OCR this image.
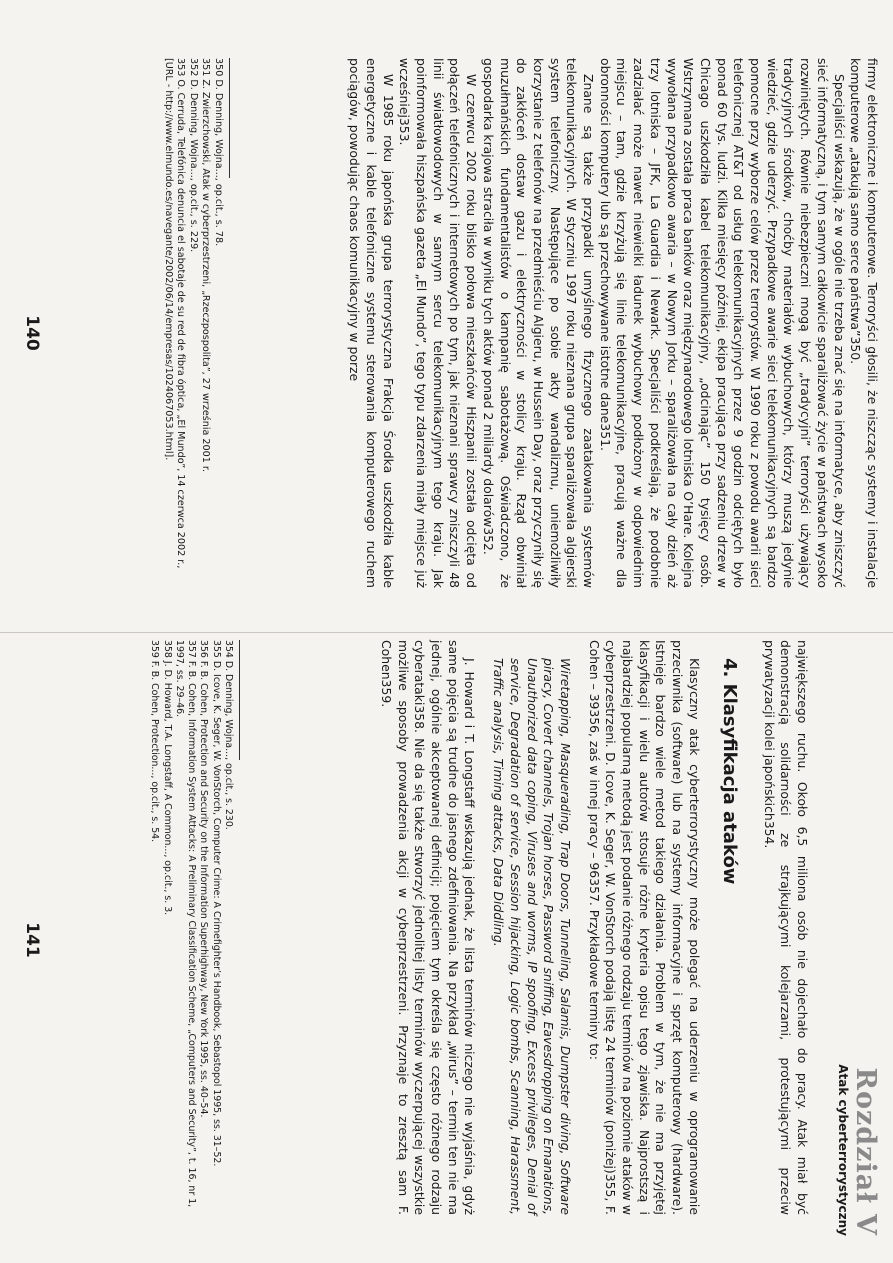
firmy elektroniczne i komputerowe. Terroryści głosili, że niszcząc systemy i instalacje komputerowe „atakują samo serce państwa”350.

Specjaliści wskazują, że w ogóle nie trzeba znać się na informatyce, aby zniszczyć sieć informatyczną, i tym samym całkowicie sparaliżować życie w państwach wysoko rozwiniętych. Równie niebezpieczni mogą być „tradycyjni” terroryści używający tradycyjnych środków, choćby materiałów wybuchowych, którzy muszą jedynie wiedzieć, gdzie uderzyć. Przypadkowe awarie sieci telekomunikacyjnych są bardzo pomocne przy wyborze celów przez terrorystów. W 1990 roku z powodu awarii sieci telefonicznej AT&T od usług telekomunikacyjnych przez 9 godzin odciętych było ponad 60 tys. ludzi. Kilka miesięcy później, ekipa pracująca przy sadzeniu drzew w Chicago uszkodziła kabel telekomunikacyjny, „odcinając” 150 tysięcy osób. Wstrzymana została praca banków oraz międzynarodowego lotniska O’Hare. Kolejna wywołana przypadkowo awaria – w Nowym Jorku – sparaliżowała na cały dzień aż trzy lotniska – JFK, La Guardia i Newark. Specjaliści podkreślają, że podobnie zadziałać może nawet niewielki ładunek wybuchowy podłożony w odpowiednim miejscu – tam, gdzie krzyżują się linie telekomunikacyjne, pracują ważne dla obronności komputery lub są przechowywane istotne dane351.

Znane są także przypadki umyślnego fizycznego zaatakowania systemów telekomunikacyjnych. W styczniu 1997 roku nieznana grupa sparaliżowała algierski system telefoniczny. Następujące po sobie akty wandalizmu, uniemożliwiły korzystanie z telefonów na przedmieściu Algieru, w Hussein Day, oraz przyczyniły się do zakłóceń dostaw gazu i elektryczności w stolicy kraju. Rząd obwiniał muzułmańskich fundamentalistów o kampanię sabotażową. Oświadczono, że gospodarka krajowa straciła w wyniku tych aktów ponad 2 miliardy dolarów352.

W czerwcu 2002 roku blisko połowa mieszkańców Hiszpanii została odcięta od połączeń telefonicznych i internetowych po tym, jak nieznani sprawcy zniszczyli 48 linii światłowodowych w samym sercu telekomunikacyjnym tego kraju. Jak poinformowała hiszpańska gazeta „El Mundo”, tego typu zdarzenia miały miejsce już wcześniej353.

W 1985 roku japońska grupa terrorystyczna Frakcja Środka uszkodziła kable energetyczne i kable telefoniczne systemu sterowania komputerowego ruchem pociągów, powodując chaos komunikacyjny w porze

350 D. Denning, Wojna..., op.cit., s. 78.

351 Z. Zwierzchowski, Atak w cyberprzestrzeni, „Rzeczpospolita”, 27 września 2001 r.

352 D. Denning, Wojna..., op.cit., s. 229.

353 O. Cerruda, Telefónica denuncia el sabotaje de su red de fibra óptica, „El Mundo”, 14 czerwca 2002 r., [URL - http://www.elmundo.es/navegante/2002/06/14/empresas/1024067053.html].

140
Rozdział V
Atak cyberterrorystyczny

największego ruchu. Około 6,5 miliona osób nie dojechało do pracy. Atak miał być demonstracją solidarności ze strajkującymi kolejarzami, protestującymi przeciw prywatyzacji kolei japońskich354.

4. Klasyfikacja ataków

Klasyczny atak cyberterrorystyczny może polegać na uderzeniu w oprogramowanie przeciwnika (software) lub na systemy informacyjne i sprzęt komputerowy (hardware). Istnieje bardzo wiele metod takiego działania. Problem w tym, że nie ma przyjętej klasyfikacji i wielu autorów stosuje różne kryteria opisu tego zjawiska. Najprostszą i najbardziej popularną metodą jest podanie różnego rodzaju terminów na poziomie ataków w cyberprzestrzeni. D. Icove, K. Seger, W. VonStorch podają listę 24 terminów (poniżej)355, F. Cohen – 39356, zaś w innej pracy – 96357. Przykładowe terminy to:

Wiretapping, Masquerading, Trap Doors, Tunneling, Salamis, Dumpster diving, Software piracy, Covert channels, Trojan horses, Password sniffing, Eavesdropping on Emanations, Unauthorized data coping, Viruses and worms, IP spoofing, Excess privileges, Denial of service, Degradation of service, Session hijacking, Logic bombs, Scanning, Harassment, Traffic analysis, Timing attacks, Data Diddling.

J. Howard i T. Longstaff wskazują jednak, że lista terminów niczego nie wyjaśnia, gdyż same pojęcia są trudne do jasnego zdefiniowania. Na przykład „wirus” – termin ten nie ma jednej, ogólnie akceptowanej definicji; pojęciem tym określa się często różnego rodzaju cyberataki358. Nie da się także stworzyć jednolitej listy terminów wyczerpującej wszystkie możliwe sposoby prowadzenia akcji w cyberprzestrzeni. Przyznaje to zresztą sam F. Cohen359.

354 D. Denning, Wojna..., op.cit., s. 230.

355 D. Icove, K. Seger, W. VonStorch, Computer Crime: A Crimefighter’s Handbook, Sebastopol 1995, ss. 31–52.

356 F. B. Cohen, Protection and Security on the Information Superhighway, New York 1995, ss. 40–54.

357 F. B. Cohen, Information System Attacks: A Preliminary Classification Scheme, „Computers and Security”, t. 16, nr 1, 1997, ss. 29–46.

358 J. D. Howard, T.A. Longstaff, A Common..., op.cit., s. 3.

359 F. B. Cohen, Protection..., op.cit., s. 54.

141
